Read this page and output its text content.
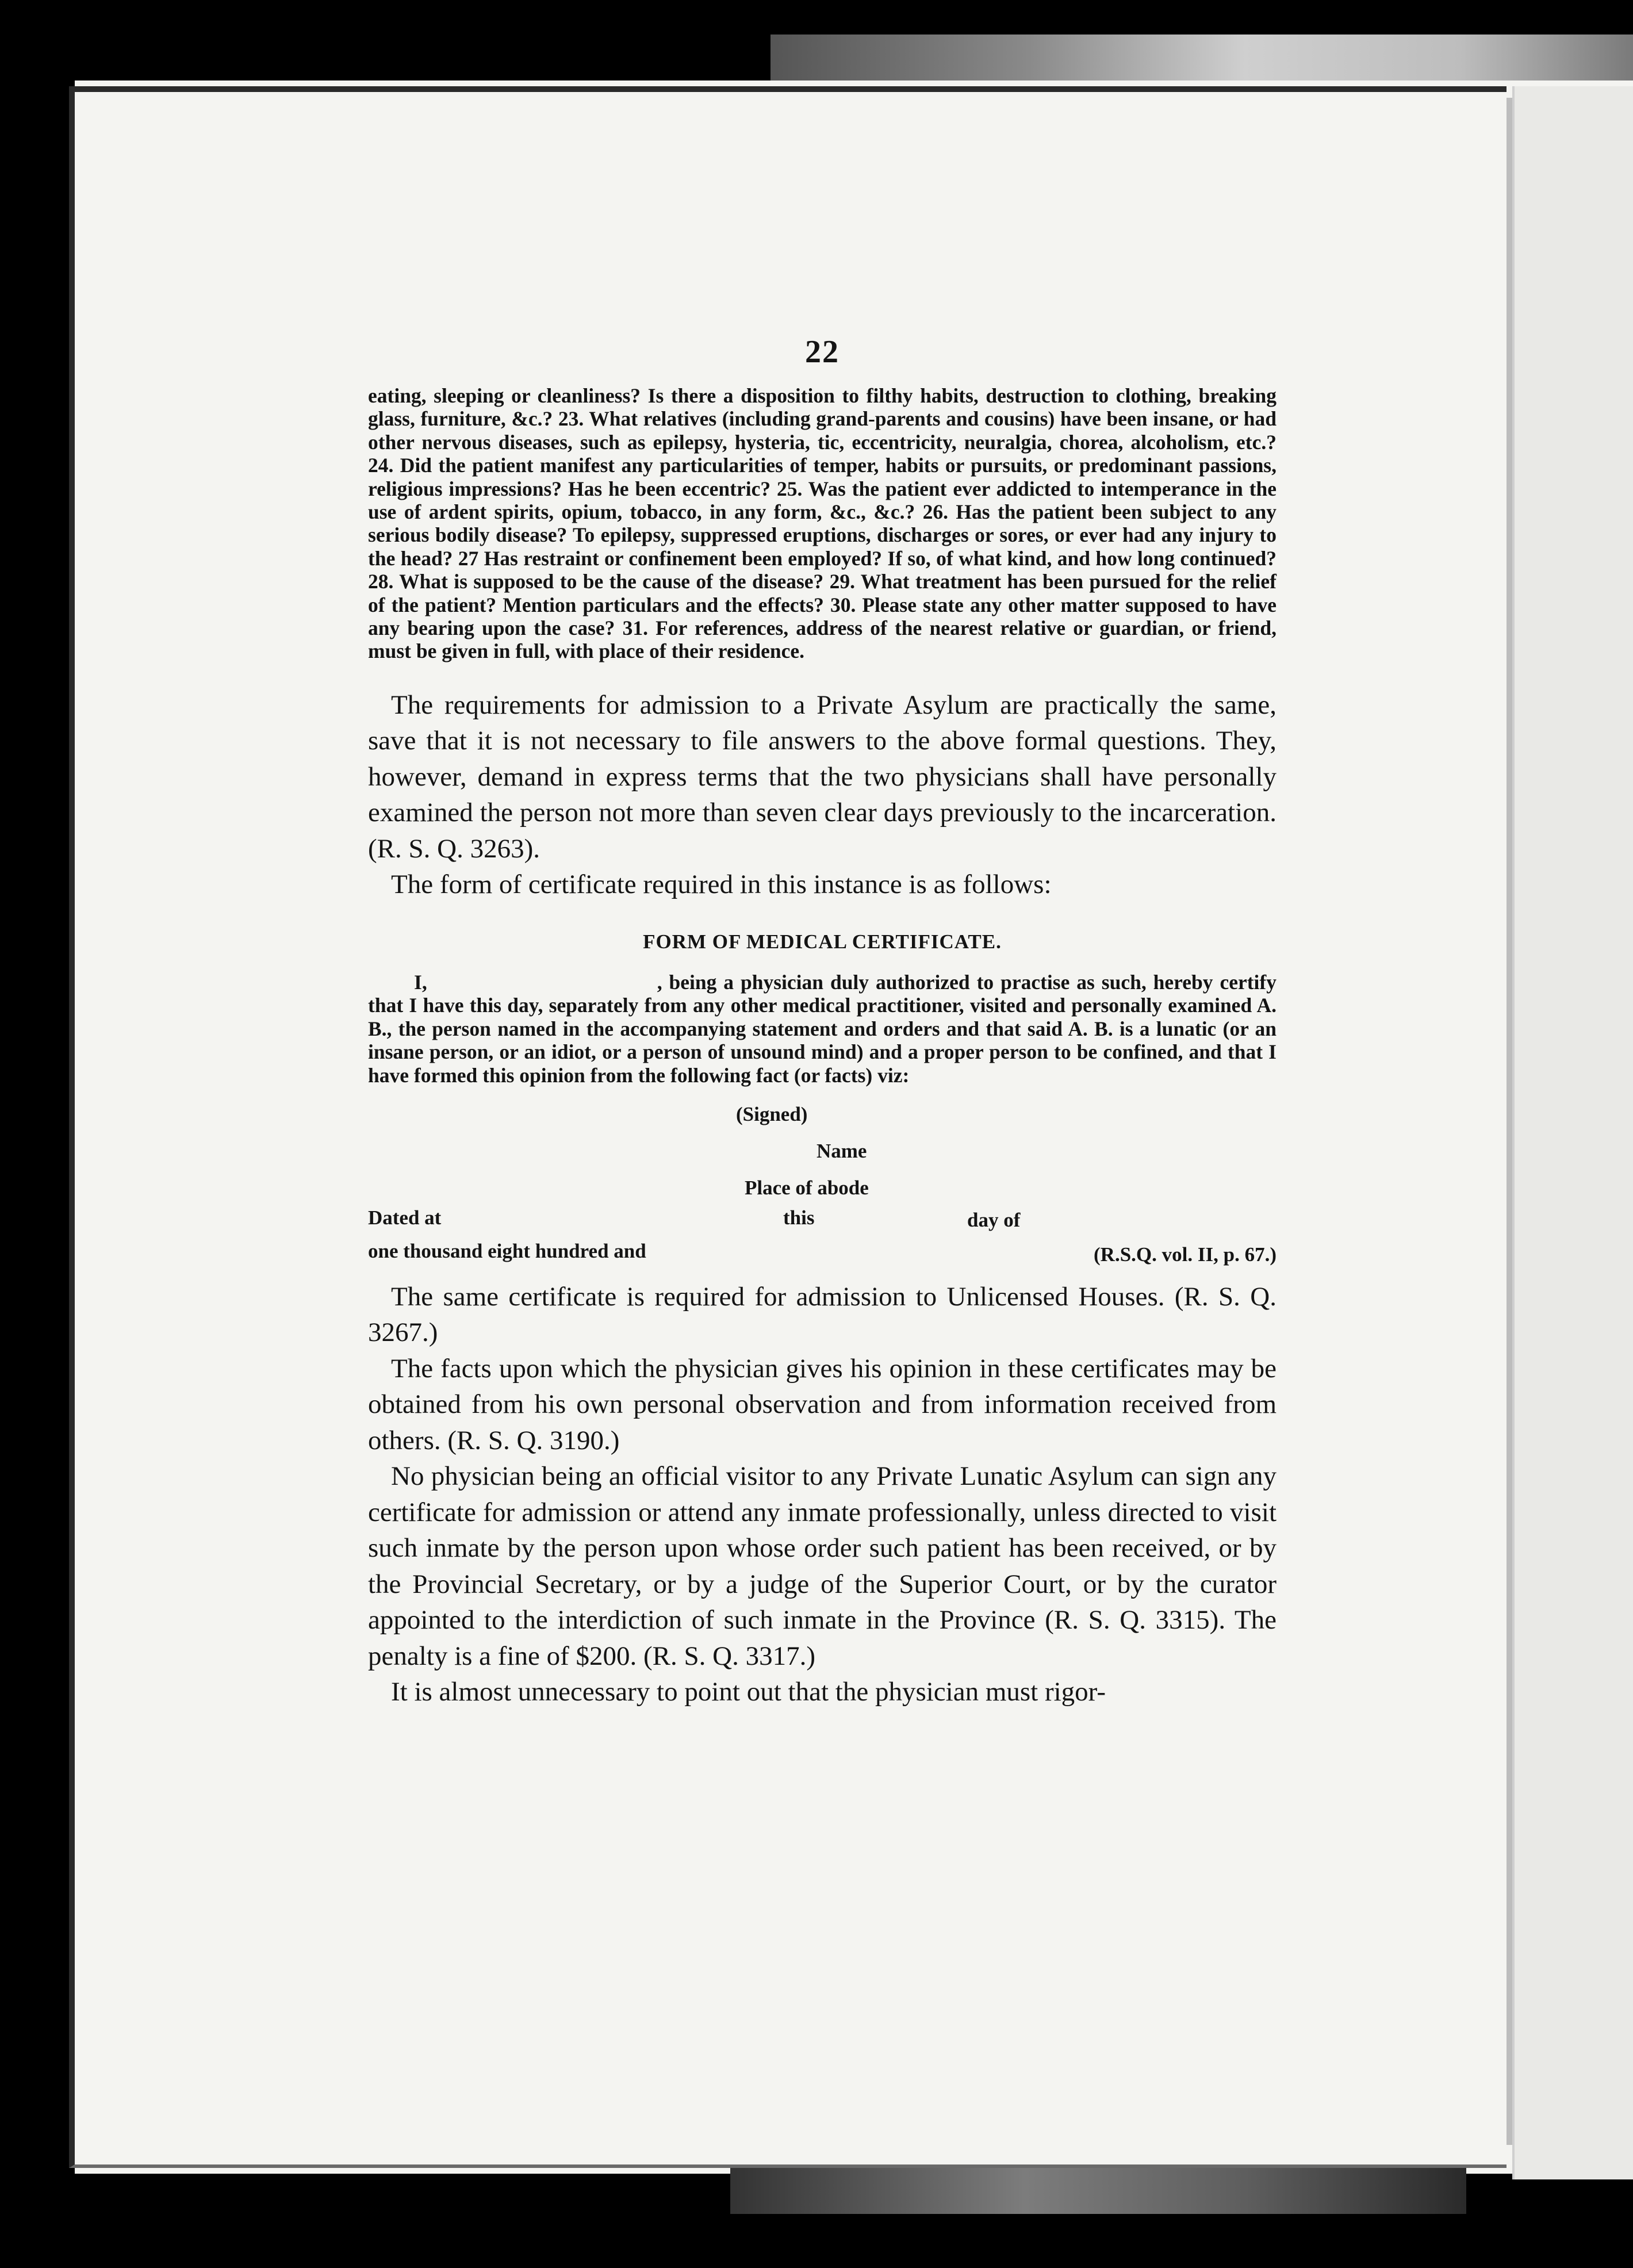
22

eating, sleeping or cleanliness? Is there a disposition to filthy habits, destruction to clothing, breaking glass, furniture, &c.? 23. What relatives (including grand-parents and cousins) have been insane, or had other nervous diseases, such as epilepsy, hysteria, tic, eccentricity, neuralgia, chorea, alcoholism, etc.? 24. Did the patient manifest any particularities of temper, habits or pursuits, or predominant passions, religious impressions? Has he been eccentric? 25. Was the patient ever addicted to intemperance in the use of ardent spirits, opium, tobacco, in any form, &c., &c.? 26. Has the patient been subject to any serious bodily disease? To epilepsy, suppressed eruptions, discharges or sores, or ever had any injury to the head? 27 Has restraint or confinement been employed? If so, of what kind, and how long continued? 28. What is supposed to be the cause of the disease? 29. What treatment has been pursued for the relief of the patient? Mention particulars and the effects? 30. Please state any other matter supposed to have any bearing upon the case? 31. For references, address of the nearest relative or guardian, or friend, must be given in full, with place of their residence.

The requirements for admission to a Private Asylum are practically the same, save that it is not necessary to file answers to the above formal questions. They, however, demand in express terms that the two physicians shall have personally examined the person not more than seven clear days previously to the incarceration. (R. S. Q. 3263).

The form of certificate required in this instance is as follows:

FORM OF MEDICAL CERTIFICATE.

I,	, being a physician duly authorized to practise as such, hereby certify that I have this day, separately from any other medical practitioner, visited and personally examined A. B., the person named in the accompanying statement and orders and that said A. B. is a lunatic (or an insane person, or an idiot, or a person of unsound mind) and a proper person to be confined, and that I have formed this opinion from the following fact (or facts) viz:

(Signed)

Name

Place of abode

Dated at	this	day of
one thousand eight hundred and	(R.S.Q. vol. II, p. 67.)

The same certificate is required for admission to Unlicensed Houses. (R. S. Q. 3267.)

The facts upon which the physician gives his opinion in these certificates may be obtained from his own personal observation and from information received from others. (R. S. Q. 3190.)

No physician being an official visitor to any Private Lunatic Asylum can sign any certificate for admission or attend any inmate professionally, unless directed to visit such inmate by the person upon whose order such patient has been received, or by the Provincial Secretary, or by a judge of the Superior Court, or by the curator appointed to the interdiction of such inmate in the Province (R. S. Q. 3315). The penalty is a fine of $200. (R. S. Q. 3317.)

It is almost unnecessary to point out that the physician must rigor-
